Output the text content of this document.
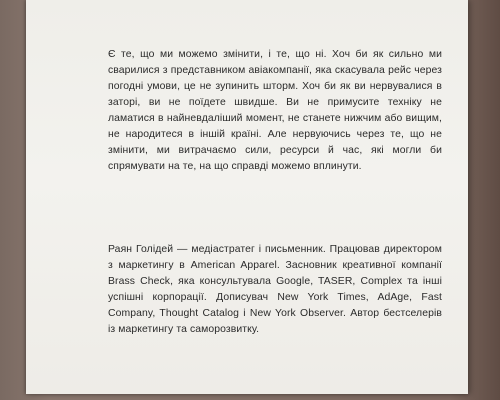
Є те, що ми можемо змінити, і те, що ні. Хоч би як сильно ми сварилися з представником авіакомпанії, яка скасувала рейс через погодні умови, це не зупинить шторм. Хоч би як ви нервувалися в заторі, ви не поїдете швидше. Ви не примусите техніку не ламатися в найневдаліший момент, не станете нижчим або вищим, не народитеся в іншій країні. Але нервуючись через те, що не змінити, ми витрачаємо сили, ресурси й час, які могли би спрямувати на те, на що справді можемо вплинути.

Раян Голідей — медіастратег і письменник. Працював директором з маркетингу в American Apparel. Засновник креативної компанії Brass Check, яка консультувала Google, TASER, Complex та інші успішні корпорації. Дописувач New York Times, AdAge, Fast Company, Thought Catalog і New York Observer. Автор бестселерів із маркетингу та саморозвитку.
